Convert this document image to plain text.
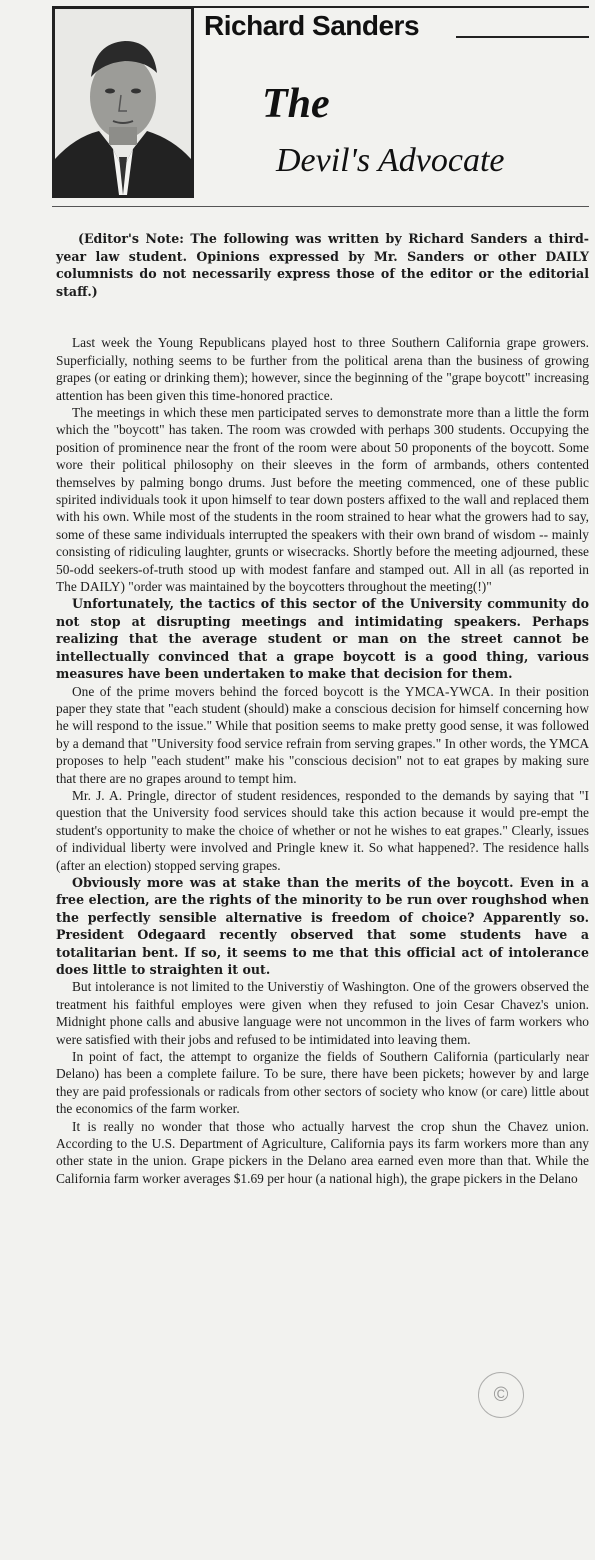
Richard Sanders
The
Devil's Advocate

(Editor's Note: The following was written by Richard Sanders a third-year law student. Opinions expressed by Mr. Sanders or other DAILY columnists do not necessarily express those of the editor or the editorial staff.)

Last week the Young Republicans played host to three Southern California grape growers. Superficially, nothing seems to be further from the political arena than the business of growing grapes (or eating or drinking them); however, since the beginning of the "grape boycott" increasing attention has been given this time-honored practice.

The meetings in which these men participated serves to demonstrate more than a little the form which the "boycott" has taken. The room was crowded with perhaps 300 students. Occupying the position of prominence near the front of the room were about 50 proponents of the boycott. Some wore their political philosophy on their sleeves in the form of armbands, others contented themselves by palming bongo drums. Just before the meeting commenced, one of these public spirited individuals took it upon himself to tear down posters affixed to the wall and replaced them with his own. While most of the students in the room strained to hear what the growers had to say, some of these same individuals interrupted the speakers with their own brand of wisdom -- mainly consisting of ridiculing laughter, grunts or wisecracks. Shortly before the meeting adjourned, these 50-odd seekers-of-truth stood up with modest fanfare and stamped out. All in all (as reported in The DAILY) "order was maintained by the boycotters throughout the meeting(!)"

Unfortunately, the tactics of this sector of the University community do not stop at disrupting meetings and intimidating speakers. Perhaps realizing that the average student or man on the street cannot be intellectually convinced that a grape boycott is a good thing, various measures have been undertaken to make that decision for them.

One of the prime movers behind the forced boycott is the YMCA-YWCA. In their position paper they state that "each student (should) make a conscious decision for himself concerning how he will respond to the issue." While that position seems to make pretty good sense, it was followed by a demand that "University food service refrain from serving grapes." In other words, the YMCA proposes to help "each student" make his "conscious decision" not to eat grapes by making sure that there are no grapes around to tempt him.

Mr. J. A. Pringle, director of student residences, responded to the demands by saying that "I question that the University food services should take this action because it would pre-empt the student's opportunity to make the choice of whether or not he wishes to eat grapes." Clearly, issues of individual liberty were involved and Pringle knew it. So what happened?. The residence halls (after an election) stopped serving grapes.

Obviously more was at stake than the merits of the boycott. Even in a free election, are the rights of the minority to be run over roughshod when the perfectly sensible alternative is freedom of choice? Apparently so. President Odegaard recently observed that some students have a totalitarian bent. If so, it seems to me that this official act of intolerance does little to straighten it out.

But intolerance is not limited to the Universtiy of Washington. One of the growers observed the treatment his faithful employes were given when they refused to join Cesar Chavez's union. Midnight phone calls and abusive language were not uncommon in the lives of farm workers who were satisfied with their jobs and refused to be intimidated into leaving them.

In point of fact, the attempt to organize the fields of Southern California (particularly near Delano) has been a complete failure. To be sure, there have been pickets; however by and large they are paid professionals or radicals from other sectors of society who know (or care) little about the economics of the farm worker.

It is really no wonder that those who actually harvest the crop shun the Chavez union. According to the U.S. Department of Agriculture, California pays its farm workers more than any other state in the union. Grape pickers in the Delano area earned even more than that. While the California farm worker averages $1.69 per hour (a national high), the grape pickers in the Delano

©
